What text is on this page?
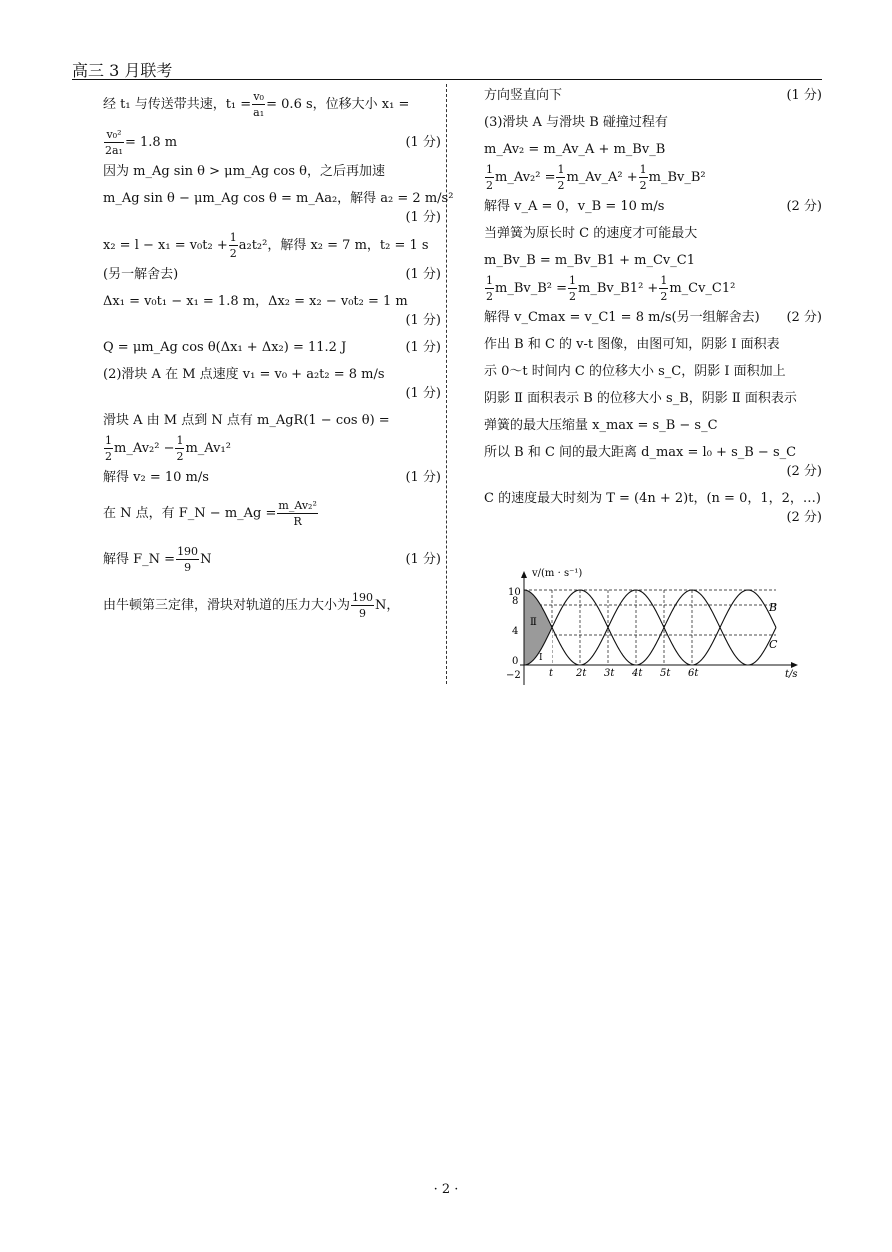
高三 3 月联考
经 t₁ 与传送带共速，$t_1 = \frac{\text{v₀}}{\text{a₁}} = 0.6$ s，位移大小 x₁ =
$\frac{\text{v₀²}}{\text{2a₁}} = 1.8$ m	(1 分)
因为 m_Ag sin θ > μm_Ag cos θ，之后再加速
m_Ag sin θ − μm_Ag cos θ = m_Aa₂，解得 a₂ = 2 m/s²
(1 分)
$x_2 = l - x_1 = v_0t_2 + \frac{1}{2} a_2t_2^2$，解得 x₂ = 7 m，t₂ = 1 s
(另一解舍去)	(1 分)
Δx₁ = v₀t₁ − x₁ = 1.8 m，Δx₂ = x₂ − v₀t₂ = 1 m
(1 分)
Q = μm_Ag cos θ(Δx₁ + Δx₂) = 11.2 J	(1 分)
(2)滑块 A 在 M 点速度 v₁ = v₀ + a₂t₂ = 8 m/s
(1 分)
滑块 A 由 M 点到 N 点有 m_AgR(1 − cos θ) =
$\frac{1}{2}$ m_Av₂² − $\frac{1}{2}$ m_Av₁²
解得 v₂ = 10 m/s	(1 分)
在 N 点，有 F_N − m_Ag = $\frac{\text{m\_Av₂²}}{R}$
解得 F_N = $\frac{190}{9}$ N	(1 分)
由牛顿第三定律，滑块对轨道的压力大小为 $\frac{190}{9}$ N，
方向竖直向下	(1 分)
(3)滑块 A 与滑块 B 碰撞过程有
m_Av₂ = m_Av_A + m_Bv_B
$\frac{1}{2}$ m_Av₂² = $\frac{1}{2}$ m_Av_A² + $\frac{1}{2}$ m_Bv_B²
解得 v_A = 0，v_B = 10 m/s	(2 分)
当弹簧为原长时 C 的速度才可能最大
m_Bv_B = m_Bv_B1 + m_Cv_C1
$\frac{1}{2}$ m_Bv_B² = $\frac{1}{2}$ m_Bv_B1² + $\frac{1}{2}$ m_Cv_C1²
解得 v_Cmax = v_C1 = 8 m/s(另一组解舍去) (2 分)
作出 B 和 C 的 v-t 图像，由图可知，阴影 Ⅰ 面积表
示 0～t 时间内 C 的位移大小 s_C，阴影 Ⅰ 面积加上
阴影 Ⅱ 面积表示 B 的位移大小 s_B，阴影 Ⅱ 面积表示
弹簧的最大压缩量 x_max = s_B − s_C
所以 B 和 C 间的最大距离 d_max = l₀ + s_B − s_C
(2 分)
C 的速度最大时刻为 T = (4n + 2)t，(n = 0，1，2，…)
(2 分)
v/(m · s⁻¹)
t/s
10
8
4
0
−2	t 2t 3t 4t 5t 6t
B
C
Ⅱ
Ⅰ
· 2 ·
